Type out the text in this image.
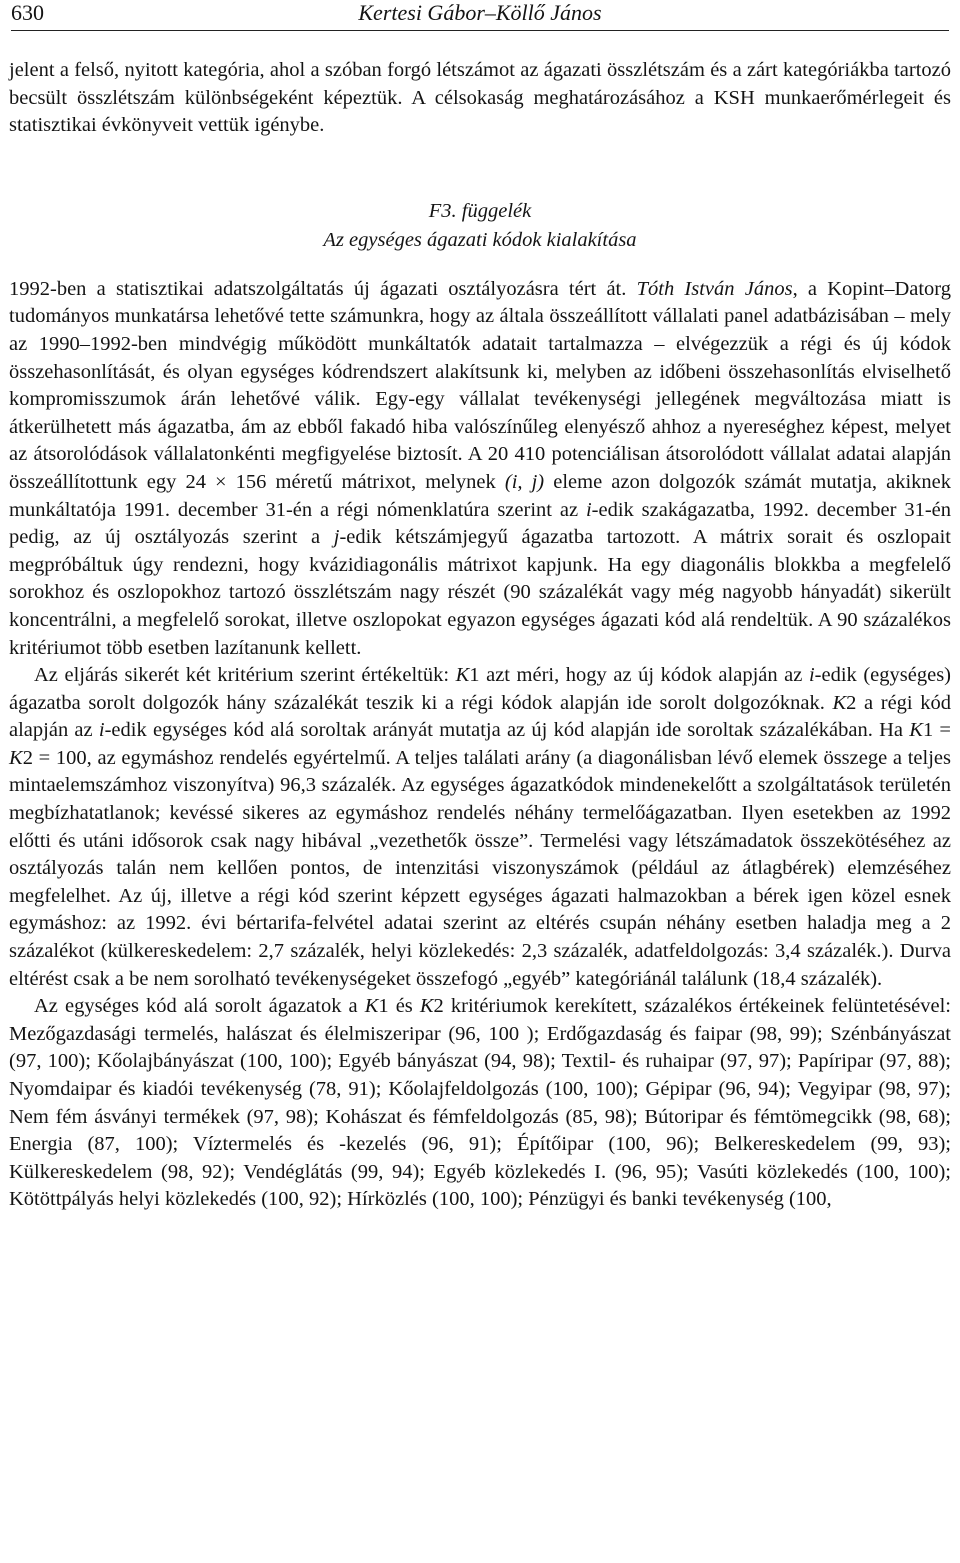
630	Kertesi Gábor–Köllő János

jelent a felső, nyitott kategória, ahol a szóban forgó létszámot az ágazati összlétszám és a zárt kategóriákba tartozó becsült összlétszám különbségeként képeztük. A célsokaság meghatározásához a KSH munkaerőmérlegeit és statisztikai évkönyveit vettük igénybe.

F3. függelék
Az egységes ágazati kódok kialakítása

1992-ben a statisztikai adatszolgáltatás új ágazati osztályozásra tért át. Tóth István János, a Kopint–Datorg tudományos munkatársa lehetővé tette számunkra, hogy az általa összeállított vállalati panel adatbázisában – mely az 1990–1992-ben mindvégig működött munkáltatók adatait tartalmazza – elvégezzük a régi és új kódok összehasonlítását, és olyan egységes kódrendszert alakítsunk ki, melyben az időbeni összehasonlítás elviselhető kompromisszumok árán lehetővé válik. Egy-egy vállalat tevékenységi jellegének megváltozása miatt is átkerülhetett más ágazatba, ám az ebből fakadó hiba valószínűleg elenyésző ahhoz a nyereséghez képest, melyet az átsorolódások vállalatonkénti megfigyelése biztosít. A 20 410 potenciálisan átsorolódott vállalat adatai alapján összeállítottunk egy 24 × 156 méretű mátrixot, melynek (i, j) eleme azon dolgozók számát mutatja, akiknek munkáltatója 1991. december 31-én a régi nómenklatúra szerint az i-edik szakágazatba, 1992. december 31-én pedig, az új osztályozás szerint a j-edik kétszámjegyű ágazatba tartozott. A mátrix sorait és oszlopait megpróbáltuk úgy rendezni, hogy kvázidiagonális mátrixot kapjunk. Ha egy diagonális blokkba a megfelelő sorokhoz és oszlopokhoz tartozó összlétszám nagy részét (90 százalékát vagy még nagyobb hányadát) sikerült koncentrálni, a megfelelő sorokat, illetve oszlopokat egyazon egységes ágazati kód alá rendeltük. A 90 százalékos kritériumot több esetben lazítanunk kellett.

Az eljárás sikerét két kritérium szerint értékeltük: K1 azt méri, hogy az új kódok alapján az i-edik (egységes) ágazatba sorolt dolgozók hány százalékát teszik ki a régi kódok alapján ide sorolt dolgozóknak. K2 a régi kód alapján az i-edik egységes kód alá soroltak arányát mutatja az új kód alapján ide soroltak százalékában. Ha K1 = K2 = 100, az egymáshoz rendelés egyértelmű. A teljes találati arány (a diagonálisban lévő elemek összege a teljes mintaelemszámhoz viszonyítva) 96,3 százalék. Az egységes ágazatkódok mindenekelőtt a szolgáltatások területén megbízhatatlanok; kevéssé sikeres az egymáshoz rendelés néhány termelőágazatban. Ilyen esetekben az 1992 előtti és utáni idősorok csak nagy hibával „vezethetők össze”. Termelési vagy létszámadatok összekötéséhez az osztályozás talán nem kellően pontos, de intenzitási viszonyszámok (például az átlagbérek) elemzéséhez megfelelhet. Az új, illetve a régi kód szerint képzett egységes ágazati halmazokban a bérek igen közel esnek egymáshoz: az 1992. évi bértarifa-felvétel adatai szerint az eltérés csupán néhány esetben haladja meg a 2 százalékot (külkereskedelem: 2,7 százalék, helyi közlekedés: 2,3 százalék, adatfeldolgozás: 3,4 százalék.). Durva eltérést csak a be nem sorolható tevékenységeket összefogó „egyéb” kategóriánál találunk (18,4 százalék).

Az egységes kód alá sorolt ágazatok a K1 és K2 kritériumok kerekített, százalékos értékeinek felüntetésével: Mezőgazdasági termelés, halászat és élelmiszeripar (96, 100 ); Erdőgazdaság és faipar (98, 99); Szénbányászat (97, 100); Kőolajbányászat (100, 100); Egyéb bányászat (94, 98); Textil- és ruhaipar (97, 97); Papíripar (97, 88); Nyomdaipar és kiadói tevékenység (78, 91); Kőolajfeldolgozás (100, 100); Gépipar (96, 94); Vegyipar (98, 97); Nem fém ásványi termékek (97, 98); Kohászat és fémfeldolgozás (85, 98); Bútoripar és fémtömegcikk (98, 68); Energia (87, 100); Víztermelés és -kezelés (96, 91); Építőipar (100, 96); Belkereskedelem (99, 93); Külkereskedelem (98, 92); Vendéglátás (99, 94); Egyéb közlekedés I. (96, 95); Vasúti közlekedés (100, 100); Kötöttpályás helyi közlekedés (100, 92); Hírközlés (100, 100); Pénzügyi és banki tevékenység (100,
